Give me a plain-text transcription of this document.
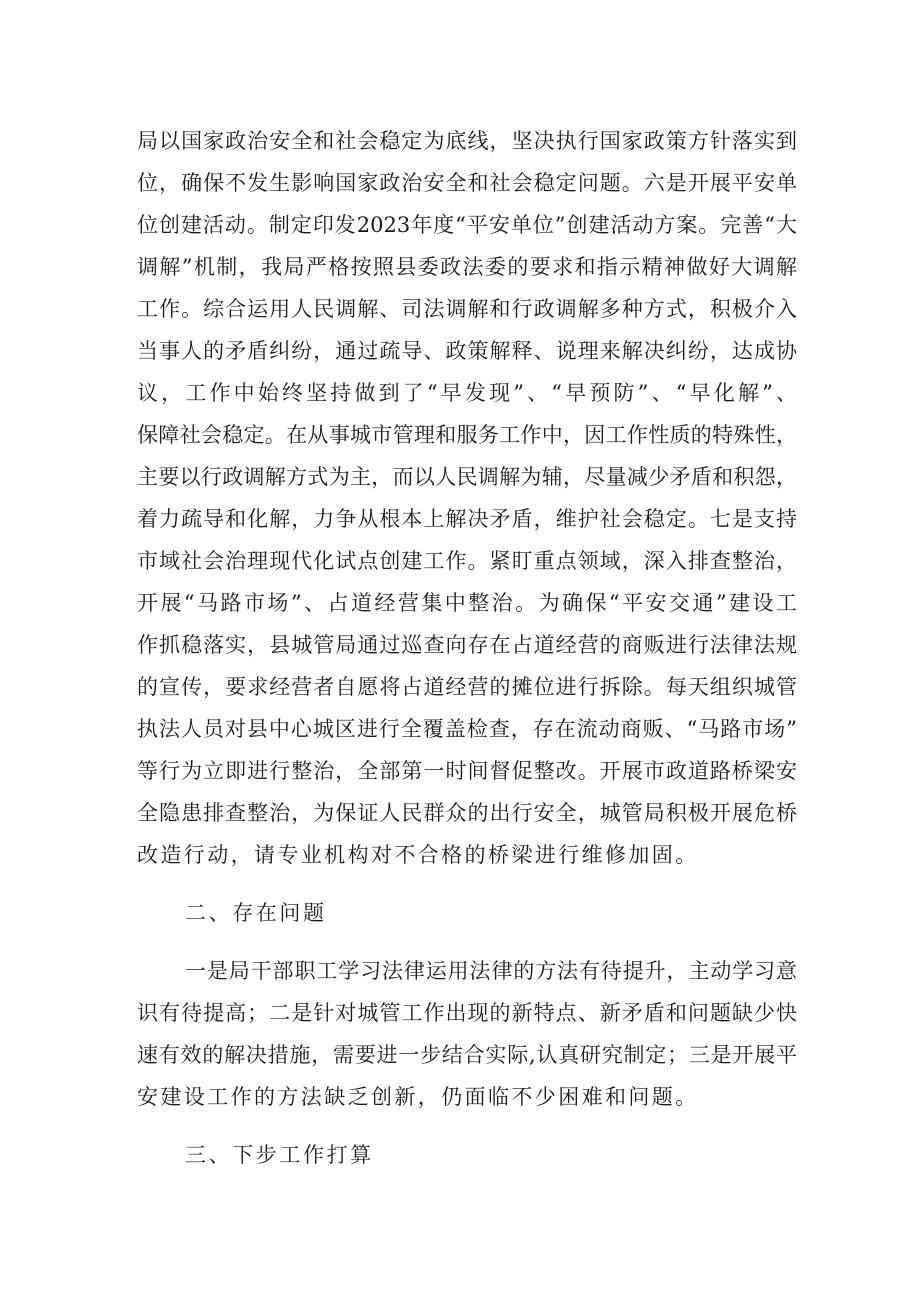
局以国家政治安全和社会稳定为底线，坚决执行国家政策方针落实到
位，确保不发生影响国家政治安全和社会稳定问题。六是开展平安单
位创建活动。制定印发2023年度“平安单位”创建活动方案。完善“大
调解”机制，我局严格按照县委政法委的要求和指示精神做好大调解
工作。综合运用人民调解、司法调解和行政调解多种方式，积极介入
当事人的矛盾纠纷，通过疏导、政策解释、说理来解决纠纷，达成协
议，工作中始终坚持做到了“早发现”、“早预防”、“早化解”、
保障社会稳定。在从事城市管理和服务工作中，因工作性质的特殊性，
主要以行政调解方式为主，而以人民调解为辅，尽量减少矛盾和积怨，
着力疏导和化解，力争从根本上解决矛盾，维护社会稳定。七是支持
市域社会治理现代化试点创建工作。紧盯重点领域，深入排查整治，
开展“马路市场”、占道经营集中整治。为确保“平安交通”建设工
作抓稳落实，县城管局通过巡查向存在占道经营的商贩进行法律法规
的宣传，要求经营者自愿将占道经营的摊位进行拆除。每天组织城管
执法人员对县中心城区进行全覆盖检查，存在流动商贩、“马路市场”
等行为立即进行整治，全部第一时间督促整改。开展市政道路桥梁安
全隐患排查整治，为保证人民群众的出行安全，城管局积极开展危桥
改造行动，请专业机构对不合格的桥梁进行维修加固。
二、存在问题
一是局干部职工学习法律运用法律的方法有待提升，主动学习意
识有待提高；二是针对城管工作出现的新特点、新矛盾和问题缺少快
速有效的解决措施，需要进一步结合实际,认真研究制定；三是开展平
安建设工作的方法缺乏创新，仍面临不少困难和问题。
三、下步工作打算
